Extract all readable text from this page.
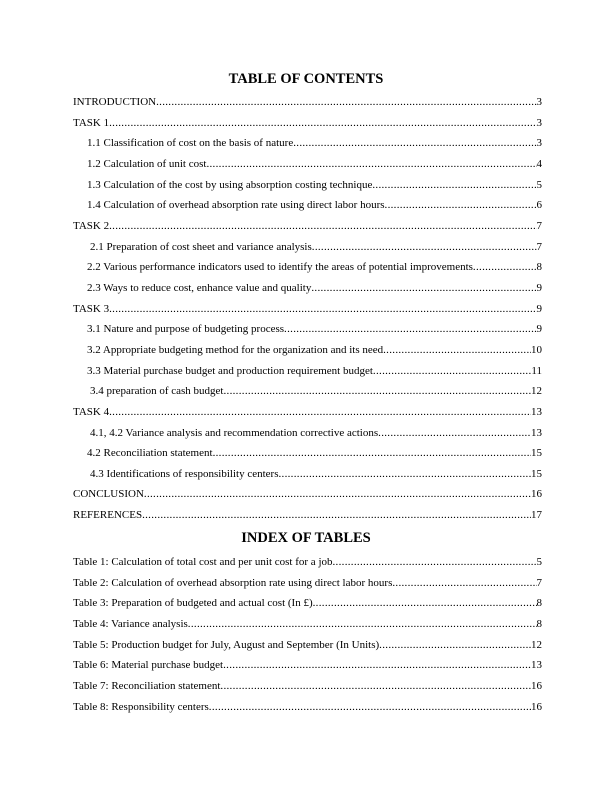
TABLE OF CONTENTS
INTRODUCTION .....	3
TASK 1 .....	3
1.1 Classification of cost on the basis of nature .....	3
1.2 Calculation of unit cost .....	4
1.3 Calculation of the cost by using absorption costing technique .....	5
1.4 Calculation of overhead absorption rate using direct labor hours .....	6
TASK 2 .....	7
2.1 Preparation of cost sheet and variance analysis .....	7
2.2 Various performance indicators used to identify the areas of potential improvements .....	8
2.3 Ways to reduce cost, enhance value and quality .....	9
TASK 3 .....	9
3.1 Nature and purpose of budgeting process .....	9
3.2 Appropriate budgeting method for the organization and its need .....	10
3.3 Material purchase budget and production requirement budget .....	11
3.4 preparation of cash budget .....	12
TASK 4 .....	13
4.1, 4.2 Variance analysis and recommendation corrective actions .....	13
4.2 Reconciliation statement .....	15
4.3 Identifications of responsibility centers .....	15
CONCLUSION .....	16
REFERENCES .....	17
INDEX OF TABLES
Table 1: Calculation of total cost and per unit cost for a job .....	5
Table 2: Calculation of overhead absorption rate using direct labor hours .....	7
Table 3: Preparation of budgeted and actual cost (In £) .....	8
Table 4: Variance analysis .....	8
Table 5: Production budget for July, August and September (In Units) .....	12
Table 6: Material purchase budget .....	13
Table 7: Reconciliation statement .....	16
Table 8: Responsibility centers .....	16
